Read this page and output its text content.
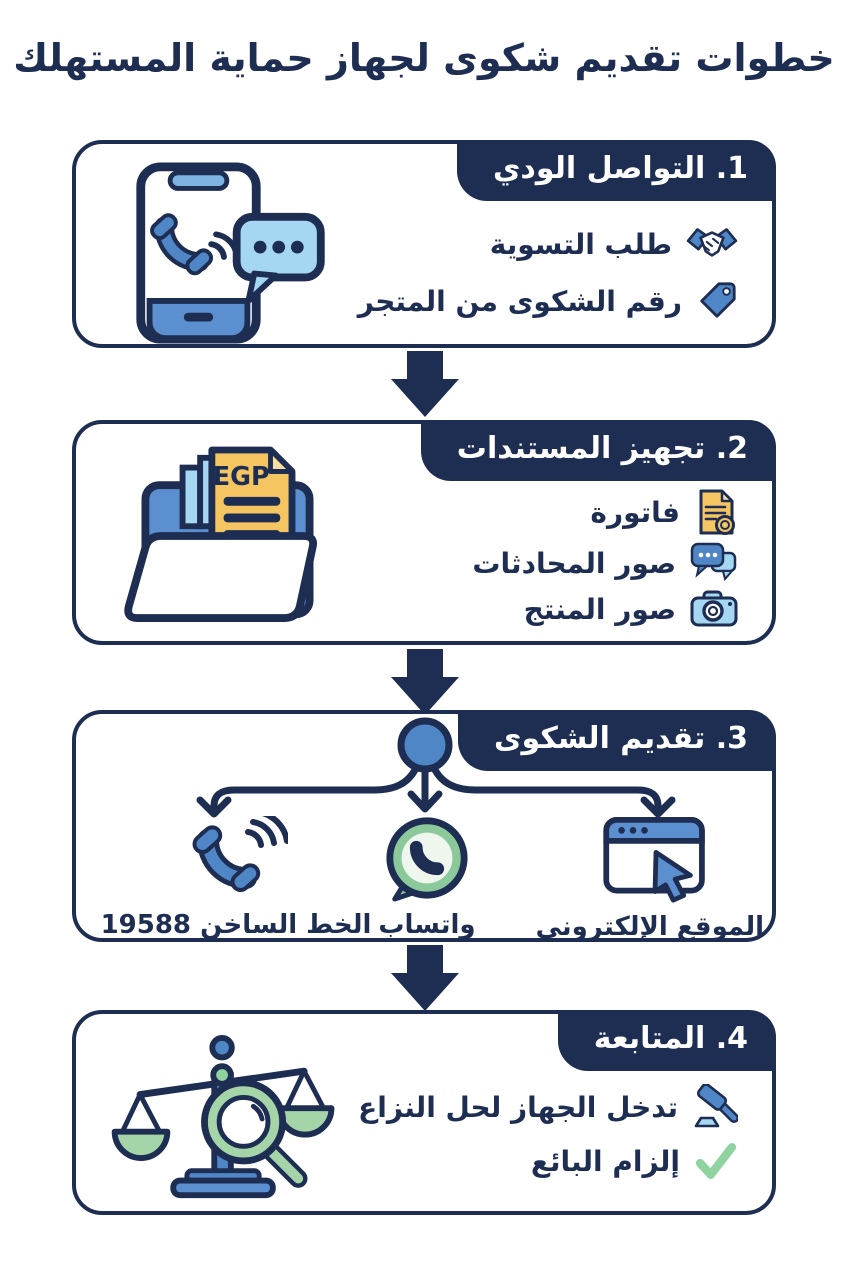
خطوات تقديم شكوى لجهاز حماية المستهلك
1. التواصل الودي
طلب التسوية
رقم الشكوى من المتجر
2. تجهيز المستندات
EGP
فاتورة
صور المحادثات
صور المنتج
3. تقديم الشكوى
الخط الساخن 19588 واتساب	الموقع الإلكتروني
4. المتابعة
تدخل الجهاز لحل النزاع
إلزام البائع
